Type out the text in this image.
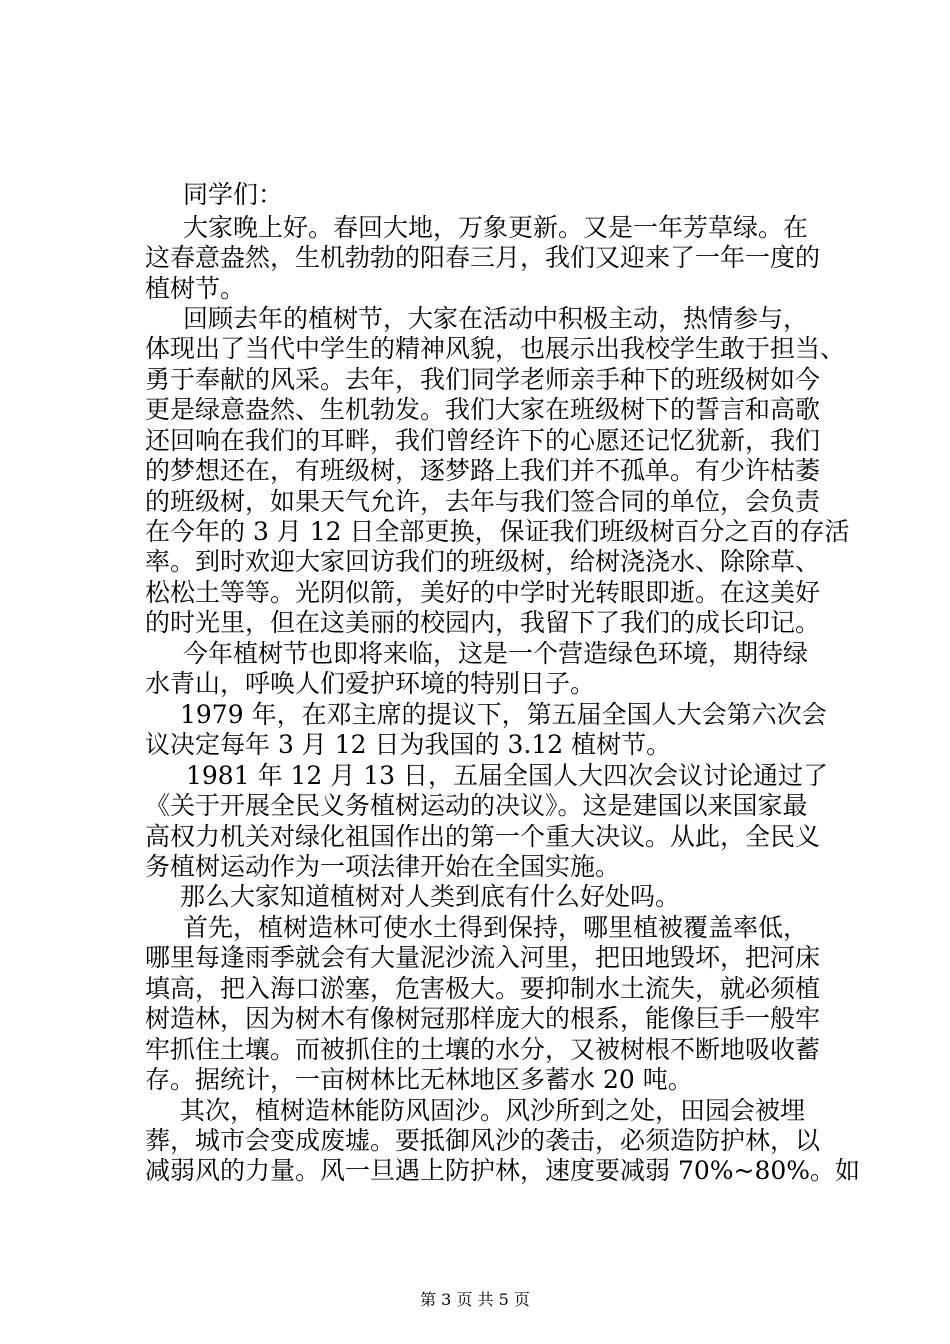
同学们：
大家晚上好。春回大地，万象更新。又是一年芳草绿。在
这春意盎然，生机勃勃的阳春三月，我们又迎来了一年一度的
植树节。
回顾去年的植树节，大家在活动中积极主动，热情参与，
体现出了当代中学生的精神风貌，也展示出我校学生敢于担当、
勇于奉献的风采。去年，我们同学老师亲手种下的班级树如今
更是绿意盎然、生机勃发。我们大家在班级树下的誓言和高歌
还回响在我们的耳畔，我们曾经许下的心愿还记忆犹新，我们
的梦想还在，有班级树，逐梦路上我们并不孤单。有少许枯萎
的班级树，如果天气允许，去年与我们签合同的单位，会负责
在今年的 3 月 12 日全部更换，保证我们班级树百分之百的存活
率。到时欢迎大家回访我们的班级树，给树浇浇水、除除草、
松松土等等。光阴似箭，美好的中学时光转眼即逝。在这美好
的时光里，但在这美丽的校园内，我留下了我们的成长印记。
今年植树节也即将来临，这是一个营造绿色环境，期待绿
水青山，呼唤人们爱护环境的特别日子。
1979 年，在邓主席的提议下，第五届全国人大会第六次会
议决定每年 3 月 12 日为我国的 3.12 植树节。
1981 年 12 月 13 日，五届全国人大四次会议讨论通过了
《关于开展全民义务植树运动的决议》。这是建国以来国家最
高权力机关对绿化祖国作出的第一个重大决议。从此，全民义
务植树运动作为一项法律开始在全国实施。
那么大家知道植树对人类到底有什么好处吗。
首先，植树造林可使水土得到保持，哪里植被覆盖率低，
哪里每逢雨季就会有大量泥沙流入河里，把田地毁坏，把河床
填高，把入海口淤塞，危害极大。要抑制水土流失，就必须植
树造林，因为树木有像树冠那样庞大的根系，能像巨手一般牢
牢抓住土壤。而被抓住的土壤的水分，又被树根不断地吸收蓄
存。据统计，一亩树林比无林地区多蓄水 20 吨。
其次，植树造林能防风固沙。风沙所到之处，田园会被埋
葬，城市会变成废墟。要抵御风沙的袭击，必须造防护林，以
减弱风的力量。风一旦遇上防护林，速度要减弱 70%~80%。如
第 3 页 共 5 页
